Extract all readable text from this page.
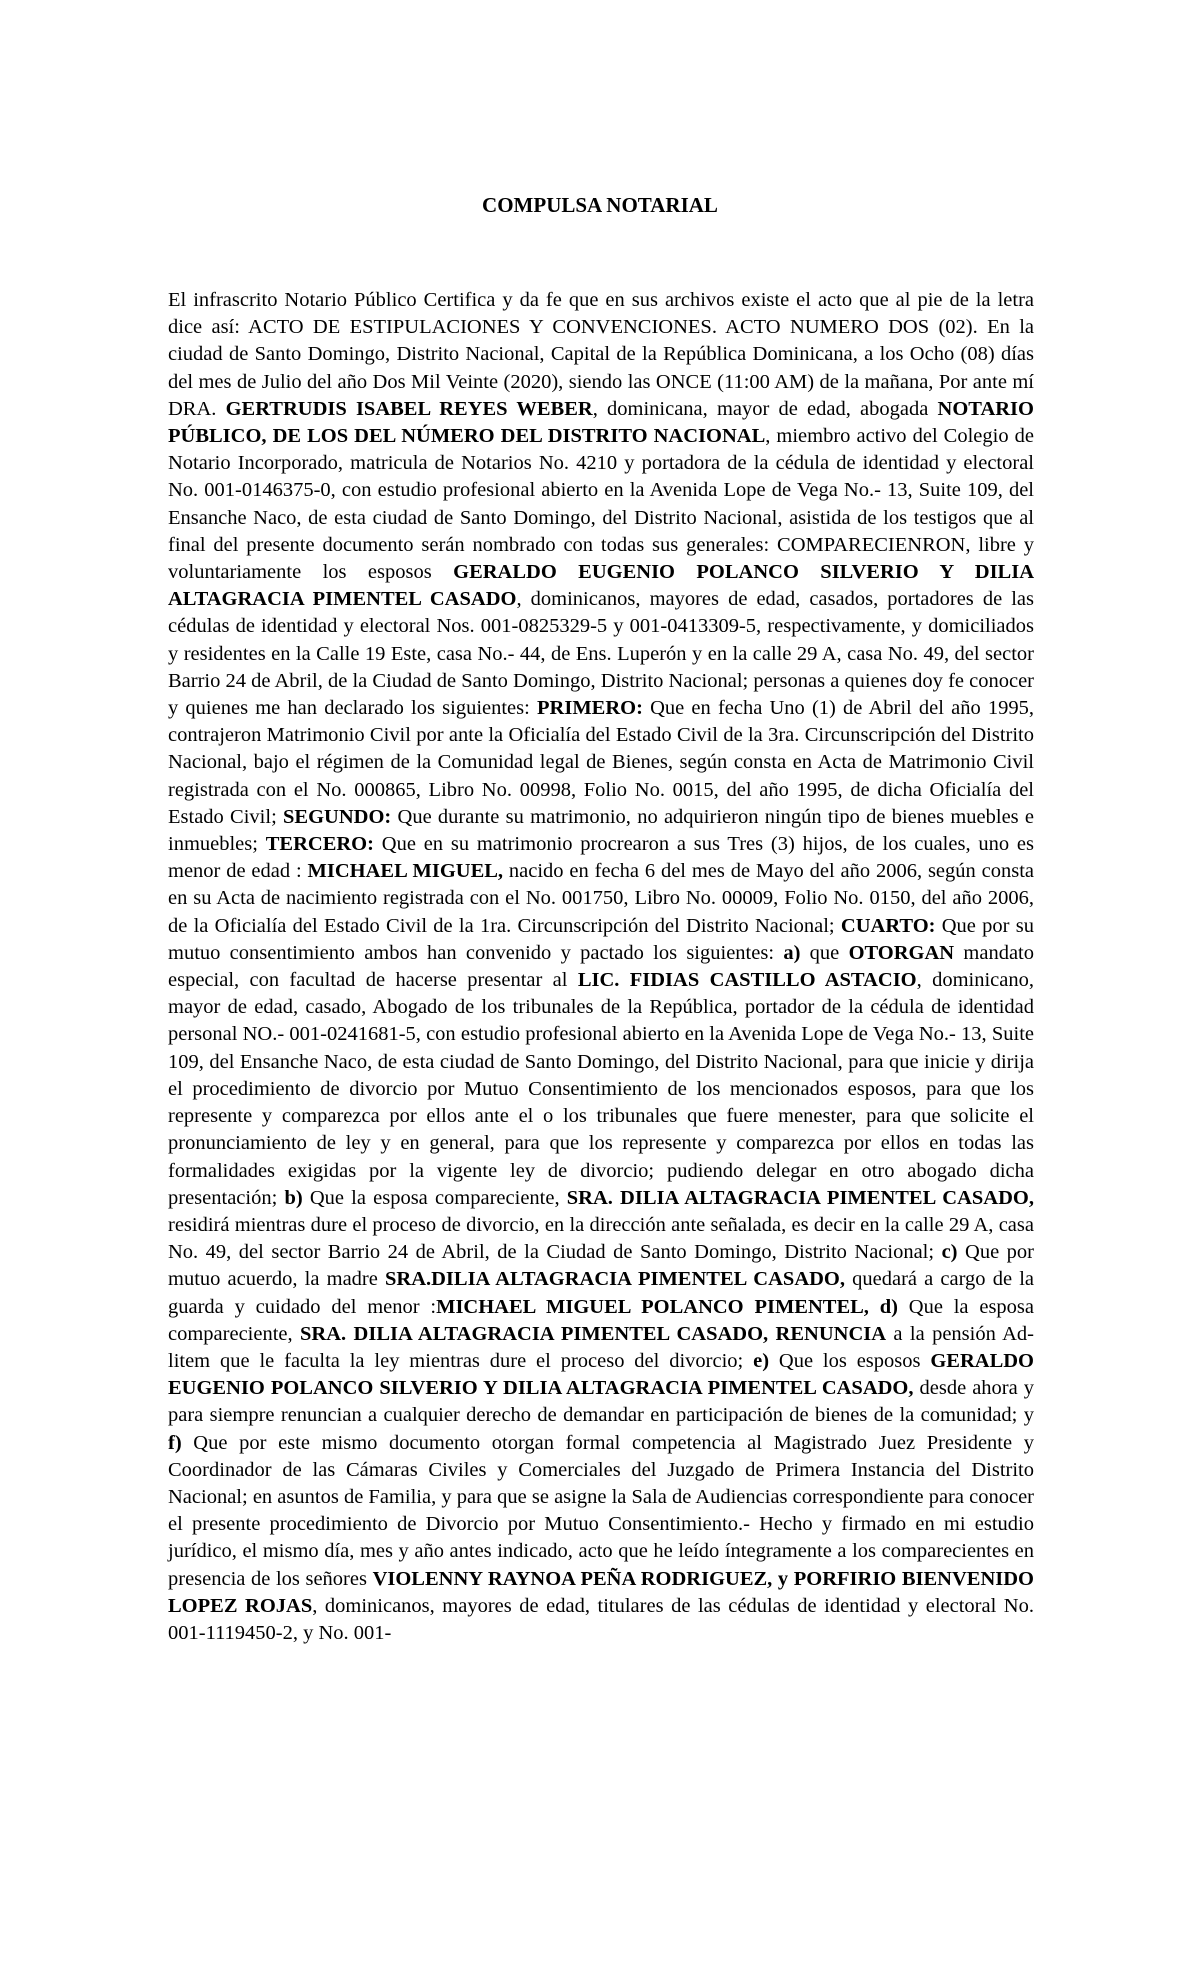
COMPULSA NOTARIAL

El infrascrito Notario Público Certifica y da fe que en sus archivos existe el acto que al pie de la letra dice así: ACTO DE ESTIPULACIONES Y CONVENCIONES. ACTO NUMERO DOS (02). En la ciudad de Santo Domingo, Distrito Nacional, Capital de la República Dominicana, a los Ocho (08) días del mes de Julio del año Dos Mil Veinte (2020), siendo las ONCE (11:00 AM) de la mañana, Por ante mí DRA. GERTRUDIS ISABEL REYES WEBER, dominicana, mayor de edad, abogada NOTARIO PÚBLICO, DE LOS DEL NÚMERO DEL DISTRITO NACIONAL, miembro activo del Colegio de Notario Incorporado, matricula de Notarios No. 4210 y portadora de la cédula de identidad y electoral No. 001-0146375-0, con estudio profesional abierto en la Avenida Lope de Vega No.- 13, Suite 109, del Ensanche Naco, de esta ciudad de Santo Domingo, del Distrito Nacional, asistida de los testigos que al final del presente documento serán nombrado con todas sus generales: COMPARECIENRON, libre y voluntariamente los esposos GERALDO EUGENIO POLANCO SILVERIO Y DILIA ALTAGRACIA PIMENTEL CASADO, dominicanos, mayores de edad, casados, portadores de las cédulas de identidad y electoral Nos. 001-0825329-5 y 001-0413309-5, respectivamente, y domiciliados y residentes en la Calle 19 Este, casa No.- 44, de Ens. Luperón y en la calle 29 A, casa No. 49, del sector Barrio 24 de Abril, de la Ciudad de Santo Domingo, Distrito Nacional; personas a quienes doy fe conocer y quienes me han declarado los siguientes: PRIMERO: Que en fecha Uno (1) de Abril del año 1995, contrajeron Matrimonio Civil por ante la Oficialía del Estado Civil de la 3ra. Circunscripción del Distrito Nacional, bajo el régimen de la Comunidad legal de Bienes, según consta en Acta de Matrimonio Civil registrada con el No. 000865, Libro No. 00998, Folio No. 0015, del año 1995, de dicha Oficialía del Estado Civil; SEGUNDO: Que durante su matrimonio, no adquirieron ningún tipo de bienes muebles e inmuebles; TERCERO: Que en su matrimonio procrearon a sus Tres (3) hijos, de los cuales, uno es menor de edad : MICHAEL MIGUEL, nacido en fecha 6 del mes de Mayo del año 2006, según consta en su Acta de nacimiento registrada con el No. 001750, Libro No. 00009, Folio No. 0150, del año 2006, de la Oficialía del Estado Civil de la 1ra. Circunscripción del Distrito Nacional; CUARTO: Que por su mutuo consentimiento ambos han convenido y pactado los siguientes: a) que OTORGAN mandato especial, con facultad de hacerse presentar al LIC. FIDIAS CASTILLO ASTACIO, dominicano, mayor de edad, casado, Abogado de los tribunales de la República, portador de la cédula de identidad personal NO.- 001-0241681-5, con estudio profesional abierto en la Avenida Lope de Vega No.- 13, Suite 109, del Ensanche Naco, de esta ciudad de Santo Domingo, del Distrito Nacional, para que inicie y dirija el procedimiento de divorcio por Mutuo Consentimiento de los mencionados esposos, para que los represente y comparezca por ellos ante el o los tribunales que fuere menester, para que solicite el pronunciamiento de ley y en general, para que los represente y comparezca por ellos en todas las formalidades exigidas por la vigente ley de divorcio; pudiendo delegar en otro abogado dicha presentación; b) Que la esposa compareciente, SRA. DILIA ALTAGRACIA PIMENTEL CASADO, residirá mientras dure el proceso de divorcio, en la dirección ante señalada, es decir en la calle 29 A, casa No. 49, del sector Barrio 24 de Abril, de la Ciudad de Santo Domingo, Distrito Nacional; c) Que por mutuo acuerdo, la madre SRA.DILIA ALTAGRACIA PIMENTEL CASADO, quedará a cargo de la guarda y cuidado del menor :MICHAEL MIGUEL POLANCO PIMENTEL, d) Que la esposa compareciente, SRA. DILIA ALTAGRACIA PIMENTEL CASADO, RENUNCIA a la pensión Ad-litem que le faculta la ley mientras dure el proceso del divorcio; e) Que los esposos GERALDO EUGENIO POLANCO SILVERIO Y DILIA ALTAGRACIA PIMENTEL CASADO, desde ahora y para siempre renuncian a cualquier derecho de demandar en participación de bienes de la comunidad; y f) Que por este mismo documento otorgan formal competencia al Magistrado Juez Presidente y Coordinador de las Cámaras Civiles y Comerciales del Juzgado de Primera Instancia del Distrito Nacional; en asuntos de Familia, y para que se asigne la Sala de Audiencias correspondiente para conocer el presente procedimiento de Divorcio por Mutuo Consentimiento.- Hecho y firmado en mi estudio jurídico, el mismo día, mes y año antes indicado, acto que he leído íntegramente a los comparecientes en presencia de los señores VIOLENNY RAYNOA PEÑA RODRIGUEZ, y PORFIRIO BIENVENIDO LOPEZ ROJAS, dominicanos, mayores de edad, titulares de las cédulas de identidad y electoral No. 001-1119450-2, y No. 001-
